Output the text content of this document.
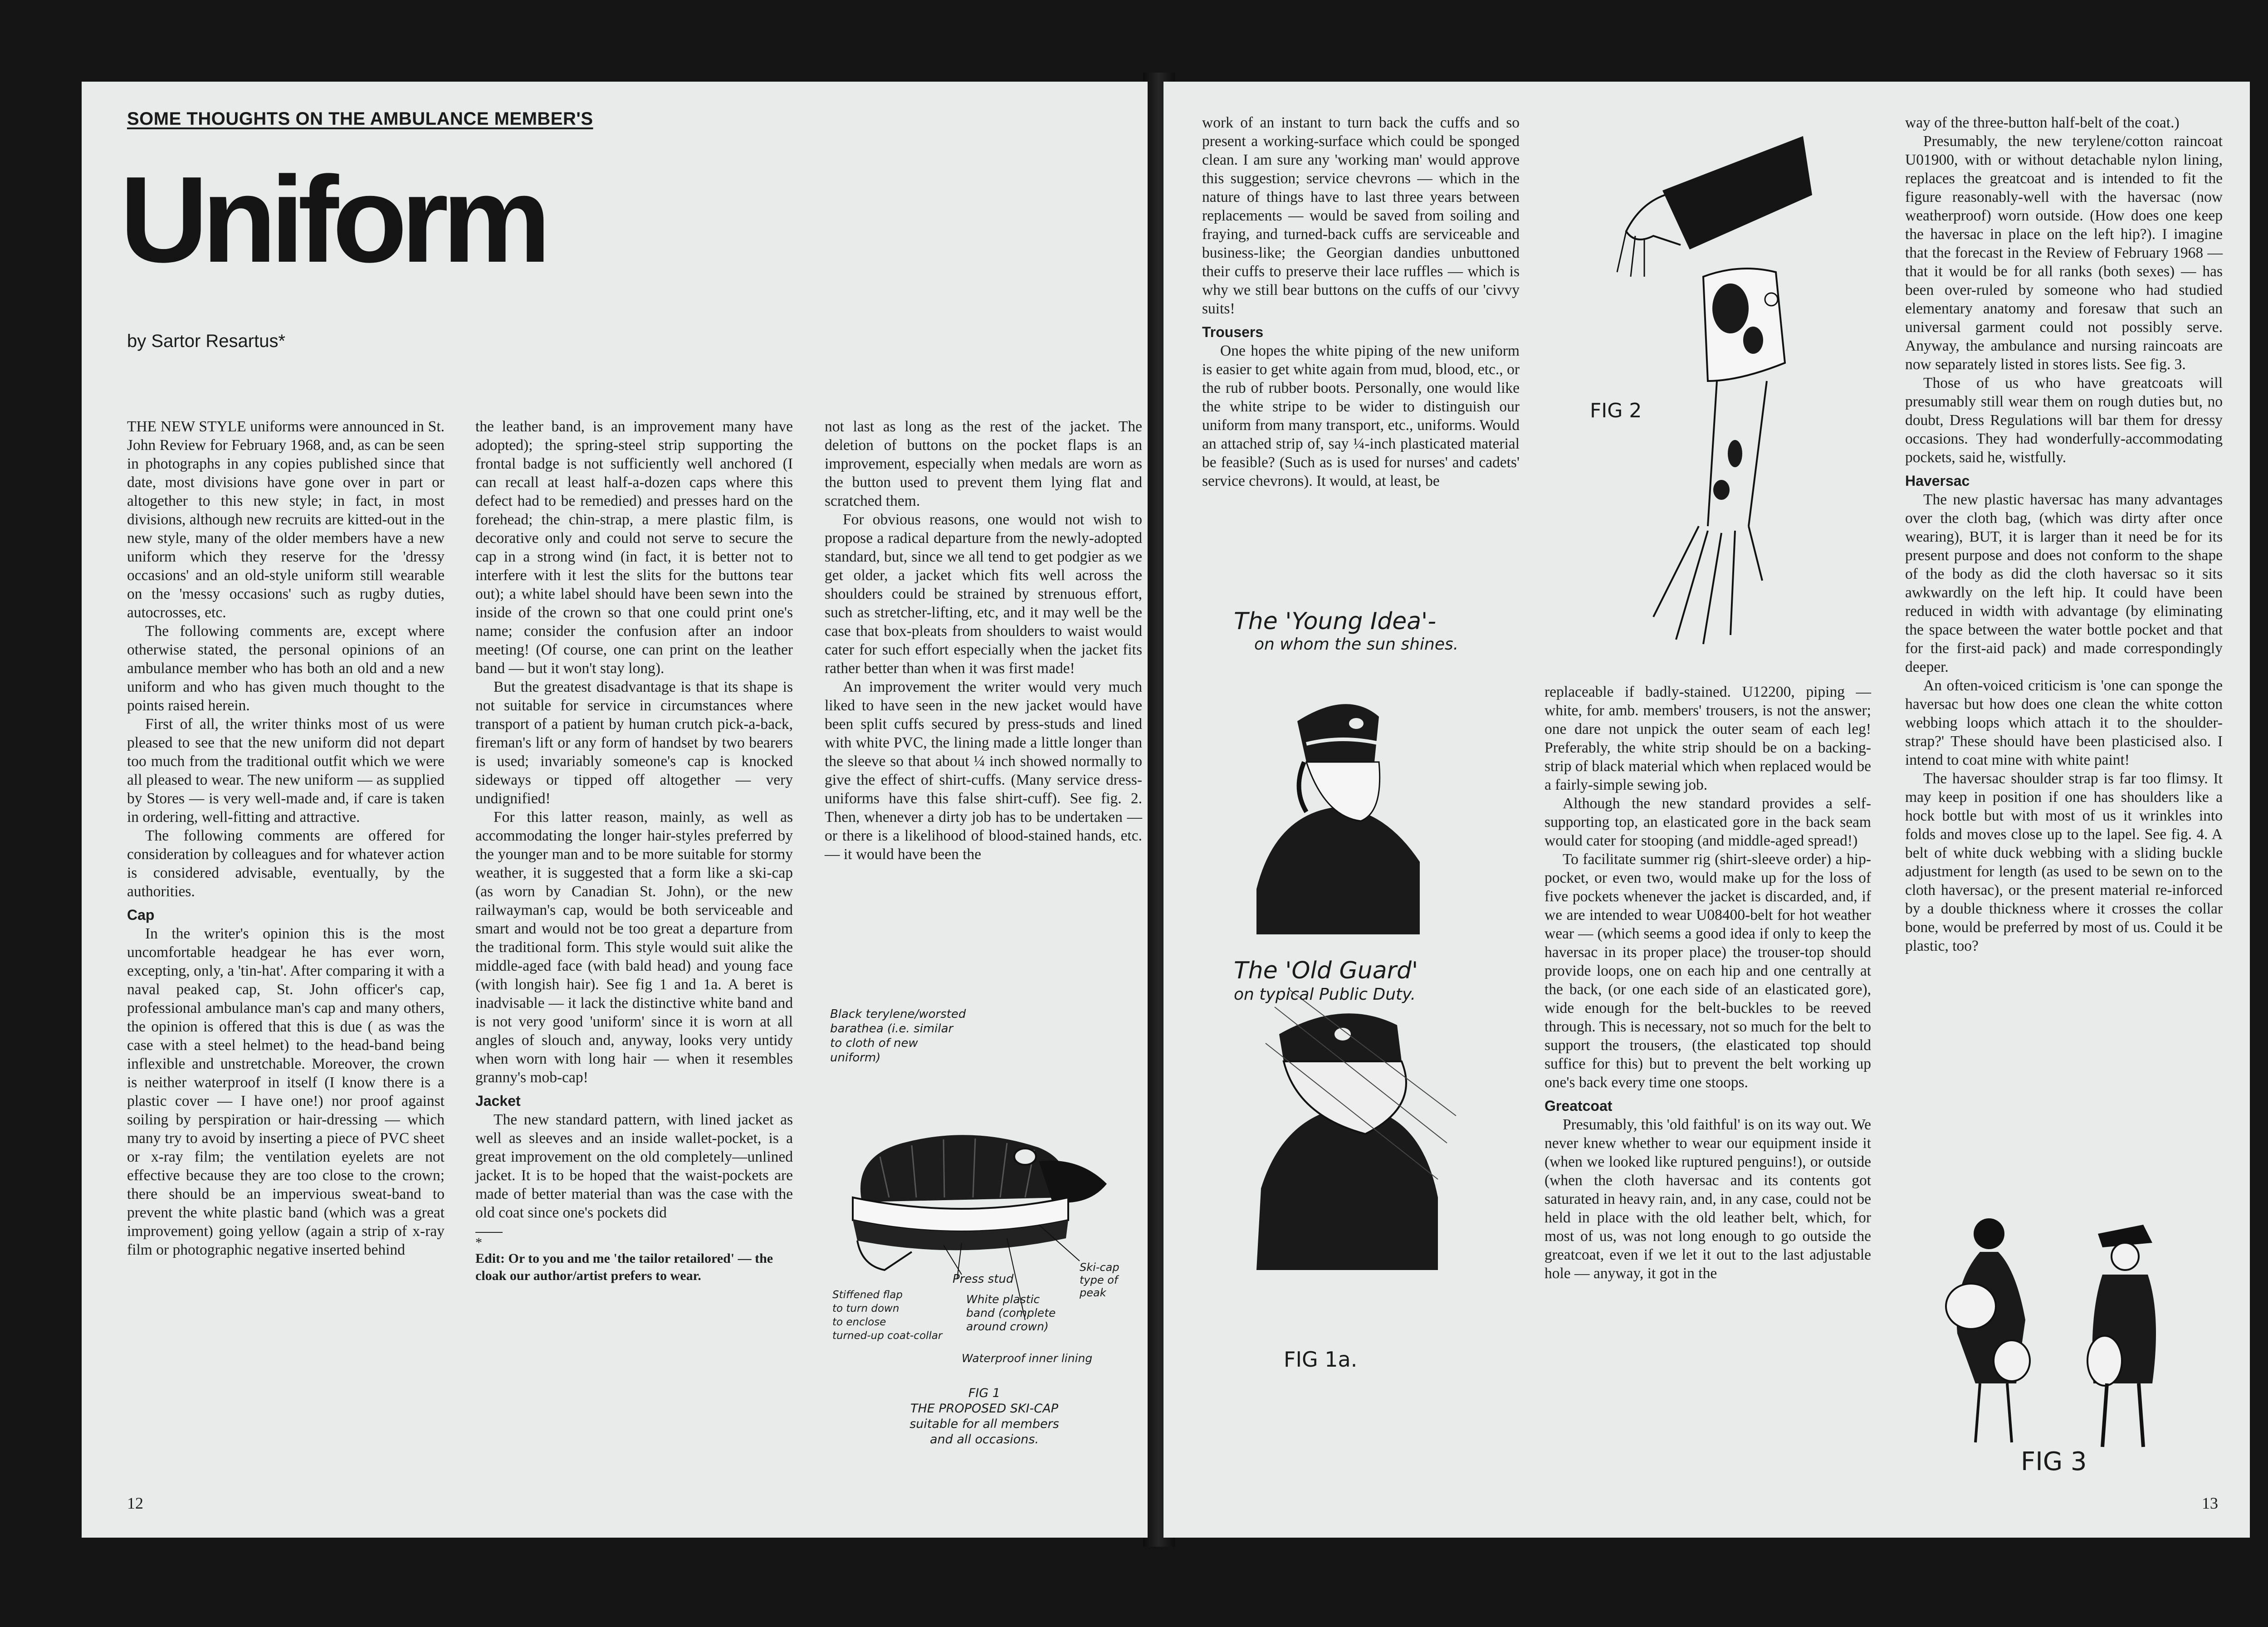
SOME THOUGHTS ON THE AMBULANCE MEMBER'S
Uniform
by Sartor Resartus*

THE NEW STYLE uniforms were announced in St. John Review for February 1968, and, as can be seen in photographs in any copies published since that date, most divisions have gone over in part or altogether to this new style; in fact, in most divisions, although new recruits are kitted-out in the new style, many of the older members have a new uniform which they reserve for the 'dressy occasions' and an old-style uniform still wearable on the 'messy occasions' such as rugby duties, autocrosses, etc.

The following comments are, except where otherwise stated, the personal opinions of an ambulance member who has both an old and a new uniform and who has given much thought to the points raised herein.

First of all, the writer thinks most of us were pleased to see that the new uniform did not depart too much from the traditional outfit which we were all pleased to wear. The new uniform — as supplied by Stores — is very well-made and, if care is taken in ordering, well-fitting and attractive.

The following comments are offered for consideration by colleagues and for whatever action is considered advisable, eventually, by the authorities.

Cap

In the writer's opinion this is the most uncomfortable headgear he has ever worn, excepting, only, a 'tin-hat'. After comparing it with a naval peaked cap, St. John officer's cap, professional ambulance man's cap and many others, the opinion is offered that this is due ( as was the case with a steel helmet) to the head-band being inflexible and unstretchable. Moreover, the crown is neither waterproof in itself (I know there is a plastic cover — I have one!) nor proof against soiling by perspiration or hair-dressing — which many try to avoid by inserting a piece of PVC sheet or x-ray film; the ventilation eyelets are not effective because they are too close to the crown; there should be an impervious sweat-band to prevent the white plastic band (which was a great improvement) going yellow (again a strip of x-ray film or photographic negative inserted behind

the leather band, is an improvement many have adopted); the spring-steel strip supporting the frontal badge is not sufficiently well anchored (I can recall at least half-a-dozen caps where this defect had to be remedied) and presses hard on the forehead; the chin-strap, a mere plastic film, is decorative only and could not serve to secure the cap in a strong wind (in fact, it is better not to interfere with it lest the slits for the buttons tear out); a white label should have been sewn into the inside of the crown so that one could print one's name; consider the confusion after an indoor meeting! (Of course, one can print on the leather band — but it won't stay long).

But the greatest disadvantage is that its shape is not suitable for service in circumstances where transport of a patient by human crutch pick-a-back, fireman's lift or any form of handset by two bearers is used; invariably someone's cap is knocked sideways or tipped off altogether — very undignified!

For this latter reason, mainly, as well as accommodating the longer hair-styles preferred by the younger man and to be more suitable for stormy weather, it is suggested that a form like a ski-cap (as worn by Canadian St. John), or the new railwayman's cap, would be both serviceable and smart and would not be too great a departure from the traditional form. This style would suit alike the middle-aged face (with bald head) and young face (with longish hair). See fig 1 and 1a. A beret is inadvisable — it lack the distinctive white band and is not very good 'uniform' since it is worn at all angles of slouch and, anyway, looks very untidy when worn with long hair — when it resembles granny's mob-cap!

Jacket

The new standard pattern, with lined jacket as well as sleeves and an inside wallet-pocket, is a great improvement on the old completely—unlined jacket. It is to be hoped that the waist-pockets are made of better material than was the case with the old coat since one's pockets did

*

Edit: Or to you and me 'the tailor retailored' — the cloak our author/artist prefers to wear.

not last as long as the rest of the jacket. The deletion of buttons on the pocket flaps is an improvement, especially when medals are worn as the button used to prevent them lying flat and scratched them.

For obvious reasons, one would not wish to propose a radical departure from the newly-adopted standard, but, since we all tend to get podgier as we get older, a jacket which fits well across the shoulders could be strained by strenuous effort, such as stretcher-lifting, etc, and it may well be the case that box-pleats from shoulders to waist would cater for such effort especially when the jacket fits rather better than when it was first made!

An improvement the writer would very much liked to have seen in the new jacket would have been split cuffs secured by press-studs and lined with white PVC, the lining made a little longer than the sleeve so that about ¼ inch showed normally to give the effect of shirt-cuffs. (Many service dress-uniforms have this false shirt-cuff). See fig. 2. Then, whenever a dirty job has to be undertaken — or there is a likelihood of blood-stained hands, etc. — it would have been the

Black terylene/worsted
barathea (i.e. similar
to cloth of new
uniform)
Press stud
Ski-cap
type of
peak
White plastic
band (complete
around crown)
Stiffened flap
to turn down
to enclose
turned-up coat-collar
Waterproof inner lining
FIG 1
THE PROPOSED SKI-CAP
suitable for all members
and all occasions.
12

work of an instant to turn back the cuffs and so present a working-surface which could be sponged clean. I am sure any 'working man' would approve this suggestion; service chevrons — which in the nature of things have to last three years between replacements — would be saved from soiling and fraying, and turned-back cuffs are serviceable and business-like; the Georgian dandies unbuttoned their cuffs to preserve their lace ruffles — which is why we still bear buttons on the cuffs of our 'civvy suits!

Trousers

One hopes the white piping of the new uniform is easier to get white again from mud, blood, etc., or the rub of rubber boots. Personally, one would like the white stripe to be wider to distinguish our uniform from many transport, etc., uniforms. Would an attached strip of, say ¼-inch plasticated material be feasible? (Such as is used for nurses' and cadets' service chevrons). It would, at least, be

FIG 2
The 'Young Idea'-
on whom the sun shines.
The 'Old Guard'
on typical Public Duty.
FIG 1a.

replaceable if badly-stained. U12200, piping — white, for amb. members' trousers, is not the answer; one dare not unpick the outer seam of each leg! Preferably, the white strip should be on a backing-strip of black material which when replaced would be a fairly-simple sewing job.

Although the new standard provides a self-supporting top, an elasticated gore in the back seam would cater for stooping (and middle-aged spread!)

To facilitate summer rig (shirt-sleeve order) a hip-pocket, or even two, would make up for the loss of five pockets whenever the jacket is discarded, and, if we are intended to wear U08400-belt for hot weather wear — (which seems a good idea if only to keep the haversac in its proper place) the trouser-top should provide loops, one on each hip and one centrally at the back, (or one each side of an elasticated gore), wide enough for the belt-buckles to be reeved through. This is necessary, not so much for the belt to support the trousers, (the elasticated top should suffice for this) but to prevent the belt working up one's back every time one stoops.

Greatcoat

Presumably, this 'old faithful' is on its way out. We never knew whether to wear our equipment inside it (when we looked like ruptured penguins!), or outside (when the cloth haversac and its contents got saturated in heavy rain, and, in any case, could not be held in place with the old leather belt, which, for most of us, was not long enough to go outside the greatcoat, even if we let it out to the last adjustable hole — anyway, it got in the

way of the three-button half-belt of the coat.)

Presumably, the new terylene/cotton raincoat U01900, with or without detachable nylon lining, replaces the greatcoat and is intended to fit the figure reasonably-well with the haversac (now weatherproof) worn outside. (How does one keep the haversac in place on the left hip?). I imagine that the forecast in the Review of February 1968 — that it would be for all ranks (both sexes) — has been over-ruled by someone who had studied elementary anatomy and foresaw that such an universal garment could not possibly serve. Anyway, the ambulance and nursing raincoats are now separately listed in stores lists. See fig. 3.

Those of us who have greatcoats will presumably still wear them on rough duties but, no doubt, Dress Regulations will bar them for dressy occasions. They had wonderfully-accommodating pockets, said he, wistfully.

Haversac

The new plastic haversac has many advantages over the cloth bag, (which was dirty after once wearing), BUT, it is larger than it need be for its present purpose and does not conform to the shape of the body as did the cloth haversac so it sits awkwardly on the left hip. It could have been reduced in width with advantage (by eliminating the space between the water bottle pocket and that for the first-aid pack) and made correspondingly deeper.

An often-voiced criticism is 'one can sponge the haversac but how does one clean the white cotton webbing loops which attach it to the shoulder-strap?' These should have been plasticised also. I intend to coat mine with white paint!

The haversac shoulder strap is far too flimsy. It may keep in position if one has shoulders like a hock bottle but with most of us it wrinkles into folds and moves close up to the lapel. See fig. 4. A belt of white duck webbing with a sliding buckle adjustment for length (as used to be sewn on to the cloth haversac), or the present material re-inforced by a double thickness where it crosses the collar bone, would be preferred by most of us. Could it be plastic, too?

FIG 3
13
